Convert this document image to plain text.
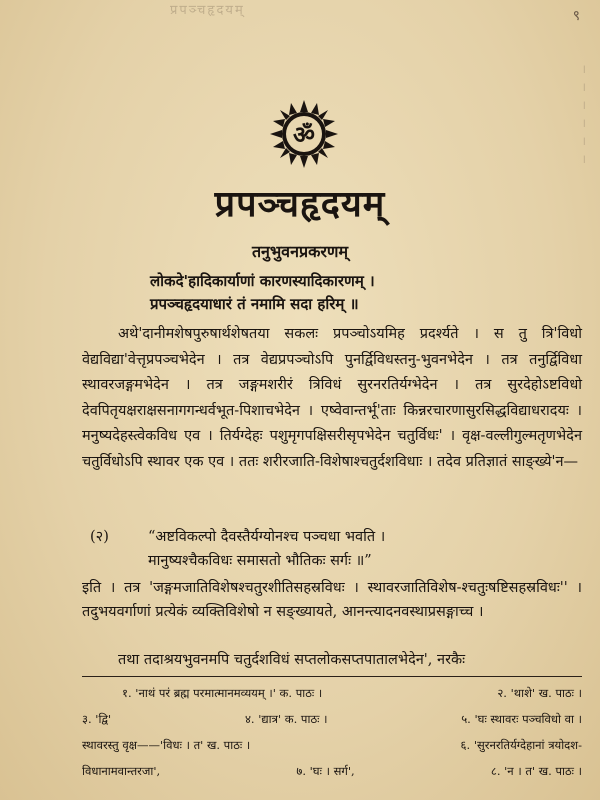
प्रपञ्चहृदयम्	९
।
।
।
।
।
।
ॐ
प्रपञ्चहृदयम्
तनुभुवनप्रकरणम्
लोकदे'हादिकार्याणां कारणस्यादिकारणम् ।
प्रपञ्चहृदयाधारं तं नमामि सदा हरिम् ॥
अथे'दानीमशेषपुरुषार्थशेषतया सकलः प्रपञ्चोऽयमिह प्रदर्श्यते । स तु त्रि'विधो वेद्यविद्या'वेत्तृप्रपञ्चभेदेन । तत्र वेद्यप्रपञ्चोऽपि पुनर्द्विविधस्तनु-भुवनभेदेन । तत्र तनुर्द्विविधा स्थावरजङ्गमभेदेन । तत्र जङ्गमशरीरं त्रिविधं सुरनरतिर्यग्भेदेन । तत्र सुरदेहोऽष्टविधो देवपितृयक्षराक्षसनागगन्धर्वभूत-पिशाचभेदेन । एष्वेवान्तर्भू'ताः किन्नरचारणासुरसिद्धविद्याधरादयः । मनुष्यदेहस्त्वेकविध एव । तिर्यग्देहः पशुमृगपक्षिसरीसृपभेदेन चतुर्विधः' । वृक्ष-वल्लीगुल्मतृणभेदेन चतुर्विधोऽपि स्थावर एक एव । ततः शरीरजाति-विशेषाश्चतुर्दशविधाः । तदेव प्रतिज्ञातं साङ्ख्ये'न—
(२)	“अष्टविकल्पो दैवस्तैर्यग्योनश्च पञ्चधा भवति ।
मानुष्यश्चैकविधः समासतो भौतिकः सर्गः ॥”
इति । तत्र 'जङ्गमजातिविशेषश्चतुरशीतिसहस्रविधः । स्थावरजातिविशेष-श्चतुःषष्टिसहस्रविधः'' । तदुभयवर्गाणां प्रत्येकं व्यक्तिविशेषो न सङ्ख्यायते, आनन्त्यादनवस्थाप्रसङ्गाच्च ।
तथा तदाश्रयभुवनमपि चतुर्दशविधं सप्तलोकसप्तपातालभेदेन', नरकैः
१. 'नाथं परं ब्रह्म परमात्मानमव्ययम् ।' क. पाठः ।	२. 'थाशे' ख. पाठः ।
३. 'द्वि'	४. 'द्यात्र' क. पाठः ।	५. 'घः स्थावरः पञ्चविधो वा ।
स्थावरस्तु वृक्ष——'विधः । त' ख. पाठः ।	६. 'सुरनरतिर्यग्देहानां त्रयोदश-
विधानामवान्तरजा',	७. 'घः । सर्ग',	८. 'न । त' ख. पाठः ।
